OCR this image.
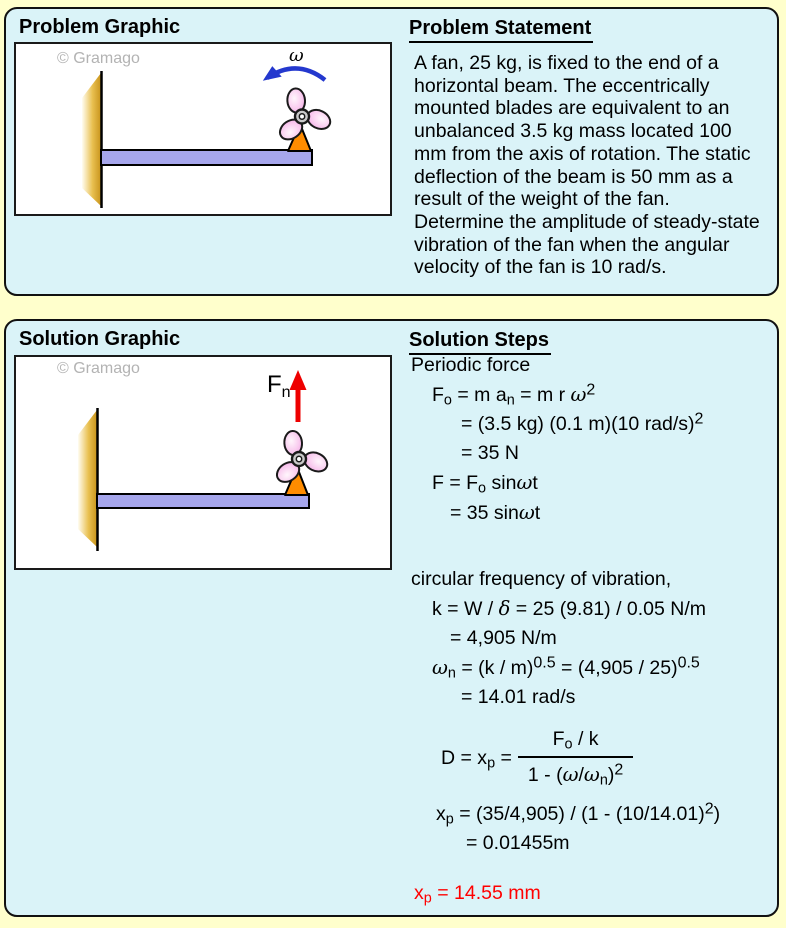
Problem Graphic
© Gramago	ω
Problem Statement
A fan, 25 kg, is fixed to the end of a
horizontal beam. The eccentrically
mounted blades are equivalent to an
unbalanced 3.5 kg mass located 100
mm from the axis of rotation. The static
deflection of the beam is 50 mm as a
result of the weight of the fan.
Determine the amplitude of steady-state
vibration of the fan when the angular
velocity of the fan is 10 rad/s.
Solution Graphic
© Gramago
$F_n$
Solution Steps
Periodic force
$F_o = m$ $a_n = m$ r $\omega^2$
= (3.5 kg) (0.1 m)(10 rad/s)$^2$
= 35 N
$F = F_o$ sinωt
= 35 sinωt
circular frequency of vibration,
k = W / δ = 25 (9.81) / 0.05 N/m
= 4,905 N/m
$\omega_n = (k / m)^{0.5} = (4,905 / 25)^{0.5}$
= 14.01 rad/s
$D = x_p = \frac{F_o / k}{1 - (\omega/\omega_n)^2}$
$x_p = (35/4,905) / (1 - (10/14.01)^2)$
= 0.01455m
$x_p = 14.55$ mm
